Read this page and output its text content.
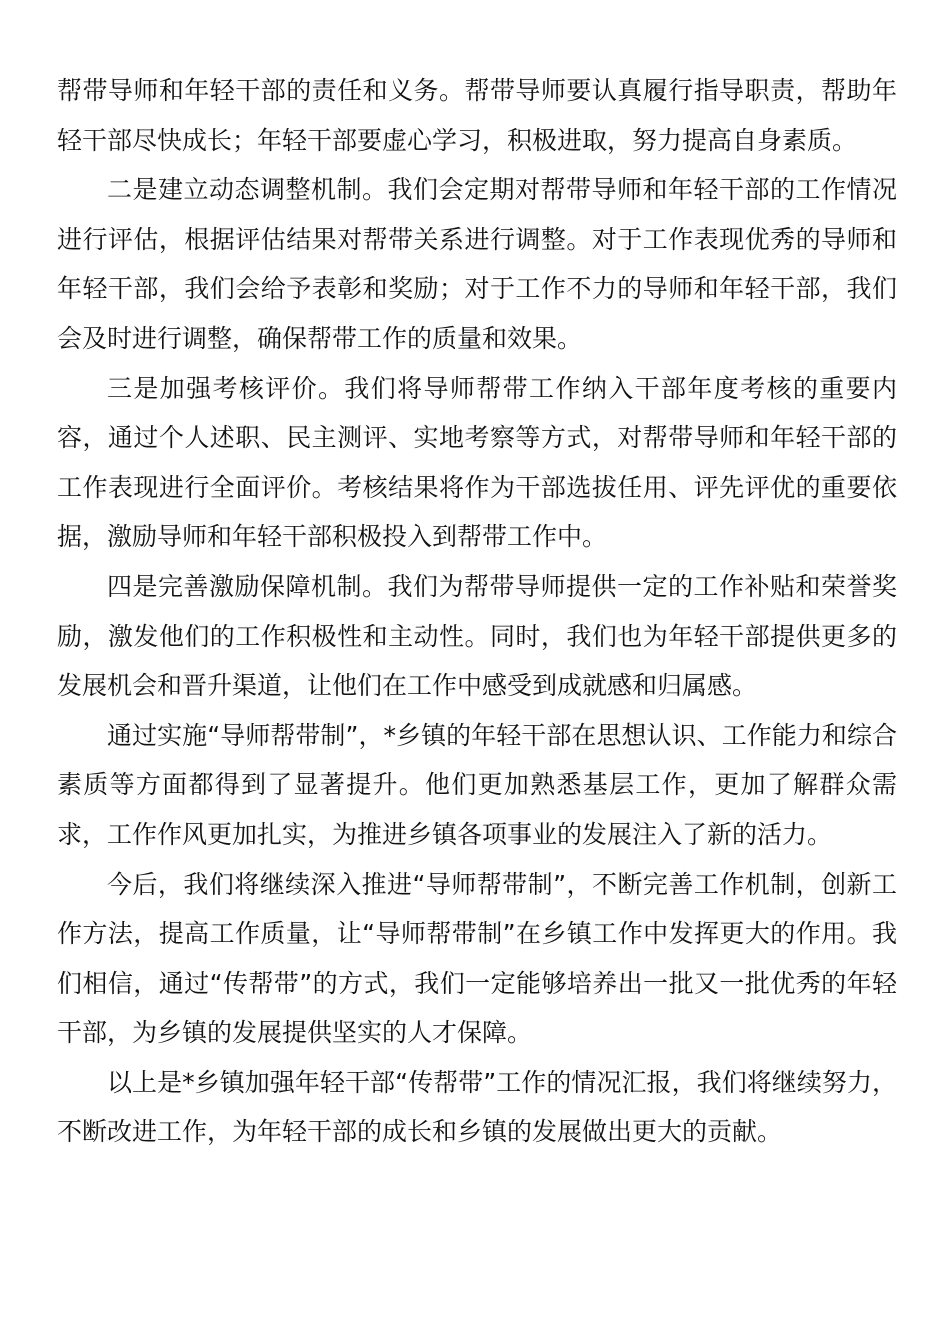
帮带导师和年轻干部的责任和义务。帮带导师要认真履行指导职责，帮助年轻干部尽快成长；年轻干部要虚心学习，积极进取，努力提高自身素质。

二是建立动态调整机制。我们会定期对帮带导师和年轻干部的工作情况进行评估，根据评估结果对帮带关系进行调整。对于工作表现优秀的导师和年轻干部，我们会给予表彰和奖励；对于工作不力的导师和年轻干部，我们会及时进行调整，确保帮带工作的质量和效果。

三是加强考核评价。我们将导师帮带工作纳入干部年度考核的重要内容，通过个人述职、民主测评、实地考察等方式，对帮带导师和年轻干部的工作表现进行全面评价。考核结果将作为干部选拔任用、评先评优的重要依据，激励导师和年轻干部积极投入到帮带工作中。

四是完善激励保障机制。我们为帮带导师提供一定的工作补贴和荣誉奖励，激发他们的工作积极性和主动性。同时，我们也为年轻干部提供更多的发展机会和晋升渠道，让他们在工作中感受到成就感和归属感。

通过实施“导师帮带制”，*乡镇的年轻干部在思想认识、工作能力和综合素质等方面都得到了显著提升。他们更加熟悉基层工作，更加了解群众需求，工作作风更加扎实，为推进乡镇各项事业的发展注入了新的活力。

今后，我们将继续深入推进“导师帮带制”，不断完善工作机制，创新工作方法，提高工作质量，让“导师帮带制”在乡镇工作中发挥更大的作用。我们相信，通过“传帮带”的方式，我们一定能够培养出一批又一批优秀的年轻干部，为乡镇的发展提供坚实的人才保障。

以上是*乡镇加强年轻干部“传帮带”工作的情况汇报，我们将继续努力，不断改进工作，为年轻干部的成长和乡镇的发展做出更大的贡献。
